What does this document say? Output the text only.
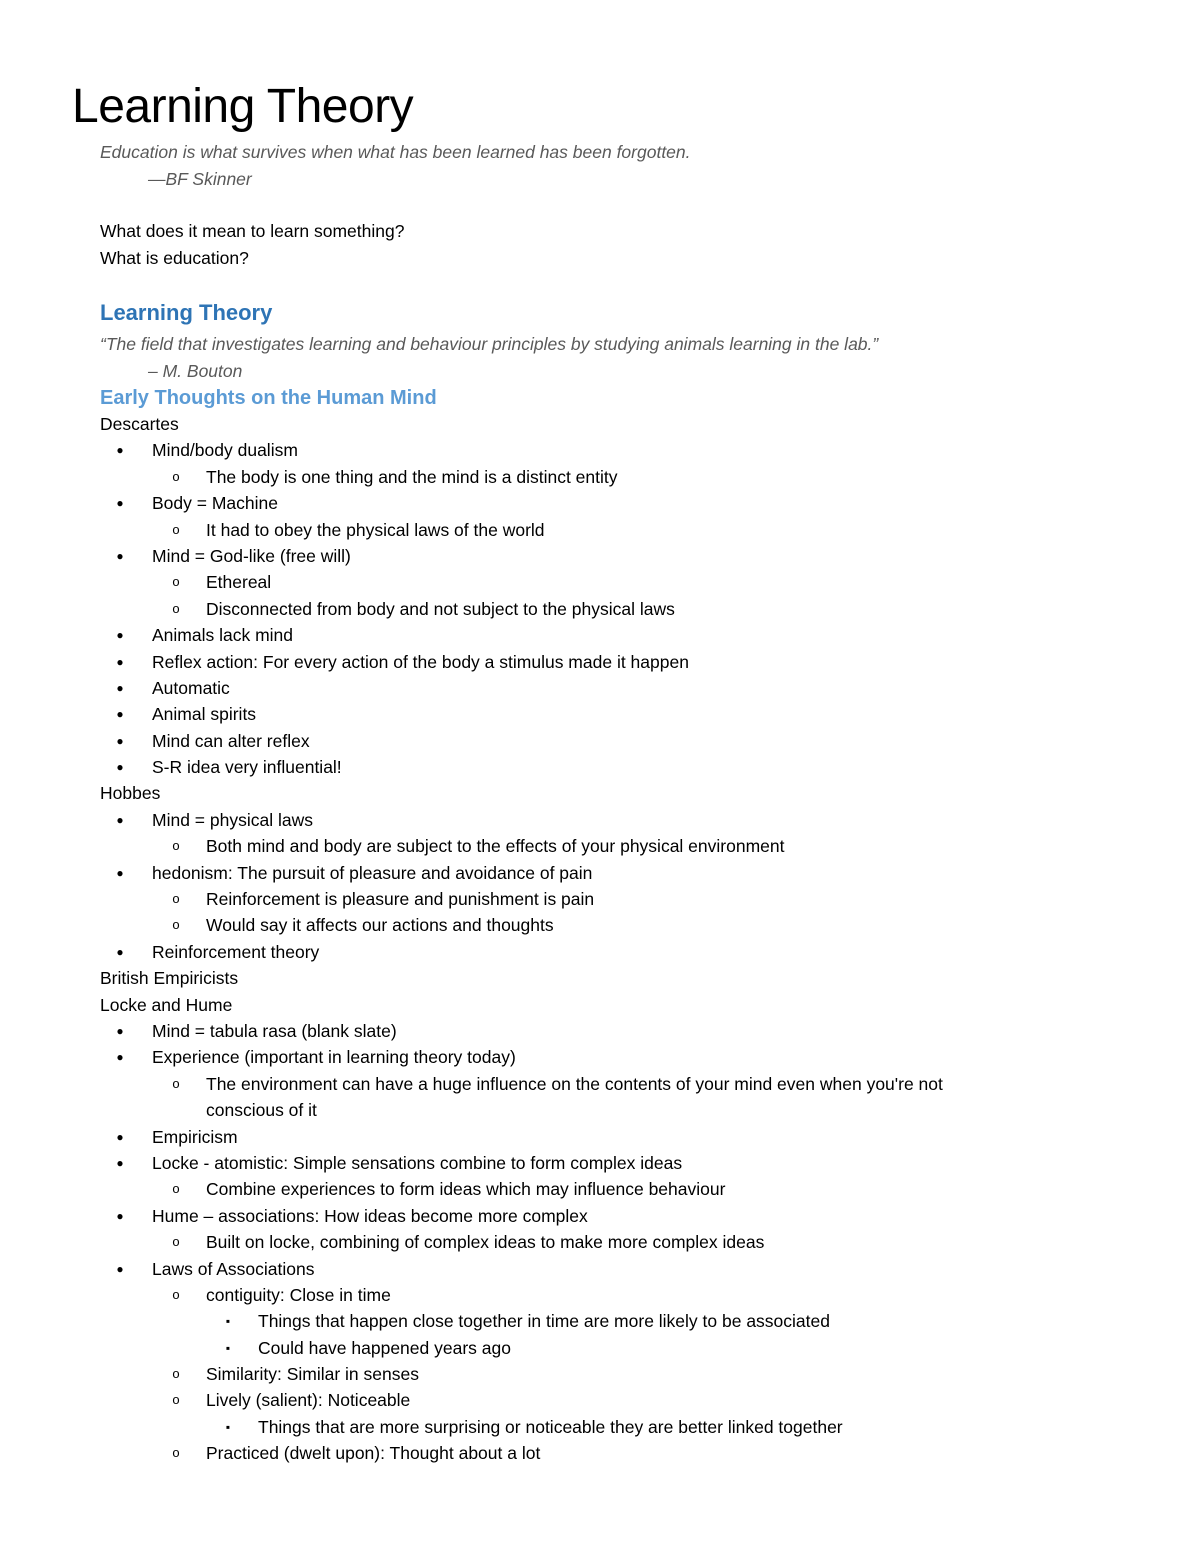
Learning Theory
Education is what survives when what has been learned has been forgotten.
—BF Skinner
What does it mean to learn something?
What is education?
Learning Theory
“The field that investigates learning and behaviour principles by studying animals learning in the lab.”
– M. Bouton
Early Thoughts on the Human Mind
Descartes
●	Mind/body dualism
o	The body is one thing and the mind is a distinct entity
●	Body = Machine
o	It had to obey the physical laws of the world
●	Mind = God-like (free will)
o	Ethereal
o	Disconnected from body and not subject to the physical laws
●	Animals lack mind
●	Reflex action: For every action of the body a stimulus made it happen
●	Automatic
●	Animal spirits
●	Mind can alter reflex
●	S-R idea very influential!
Hobbes
●	Mind = physical laws
o	Both mind and body are subject to the effects of your physical environment
●	hedonism: The pursuit of pleasure and avoidance of pain
o	Reinforcement is pleasure and punishment is pain
o	Would say it affects our actions and thoughts
●	Reinforcement theory
British Empiricists
Locke and Hume
●	Mind = tabula rasa (blank slate)
●	Experience (important in learning theory today)
o	The environment can have a huge influence on the contents of your mind even when you're not
conscious of it
●	Empiricism
●	Locke - atomistic: Simple sensations combine to form complex ideas
o	Combine experiences to form ideas which may influence behaviour
●	Hume – associations: How ideas become more complex
o	Built on locke, combining of complex ideas to make more complex ideas
●	Laws of Associations
o	contiguity: Close in time
▪	Things that happen close together in time are more likely to be associated
▪	Could have happened years ago
o	Similarity: Similar in senses
o	Lively (salient): Noticeable
▪	Things that are more surprising or noticeable they are better linked together
o	Practiced (dwelt upon): Thought about a lot
